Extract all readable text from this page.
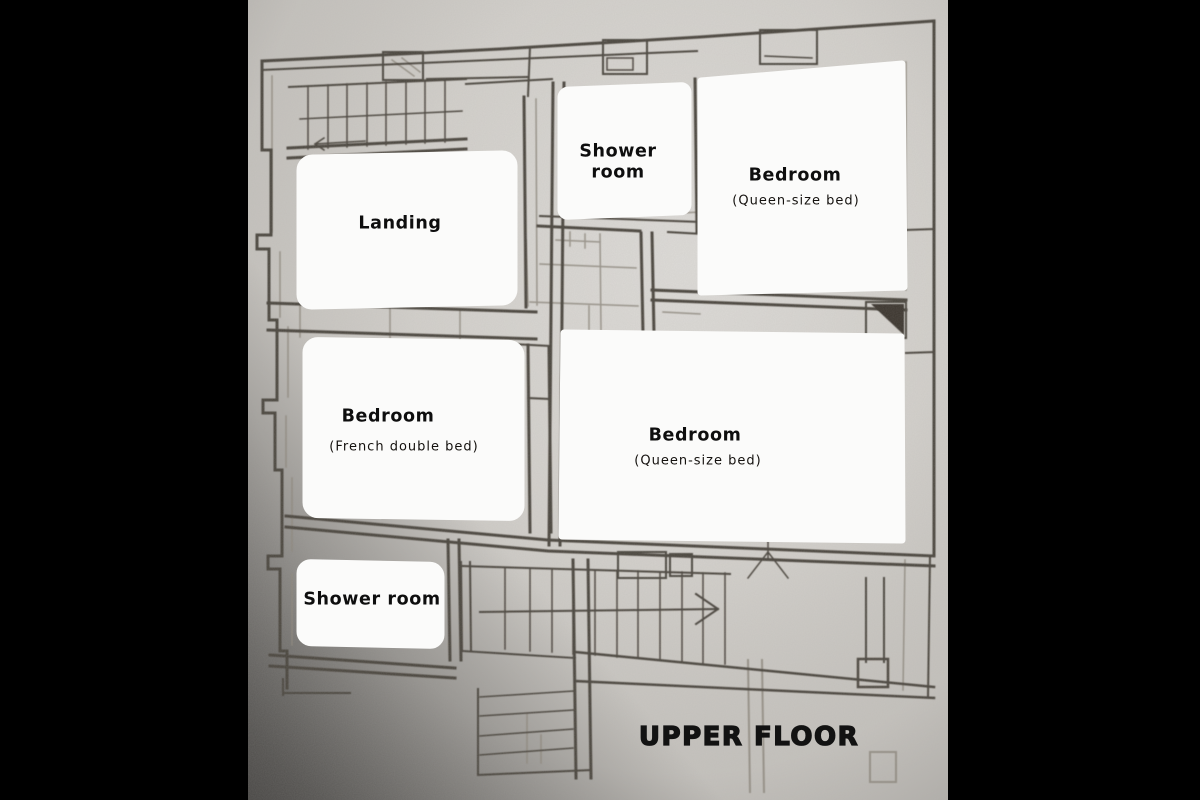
Landing
Shower room	Bedroom
(Queen-size bed)
Bedroom
(French double bed)
Bedroom
(Queen-size bed)
Shower room
UPPER FLOOR
